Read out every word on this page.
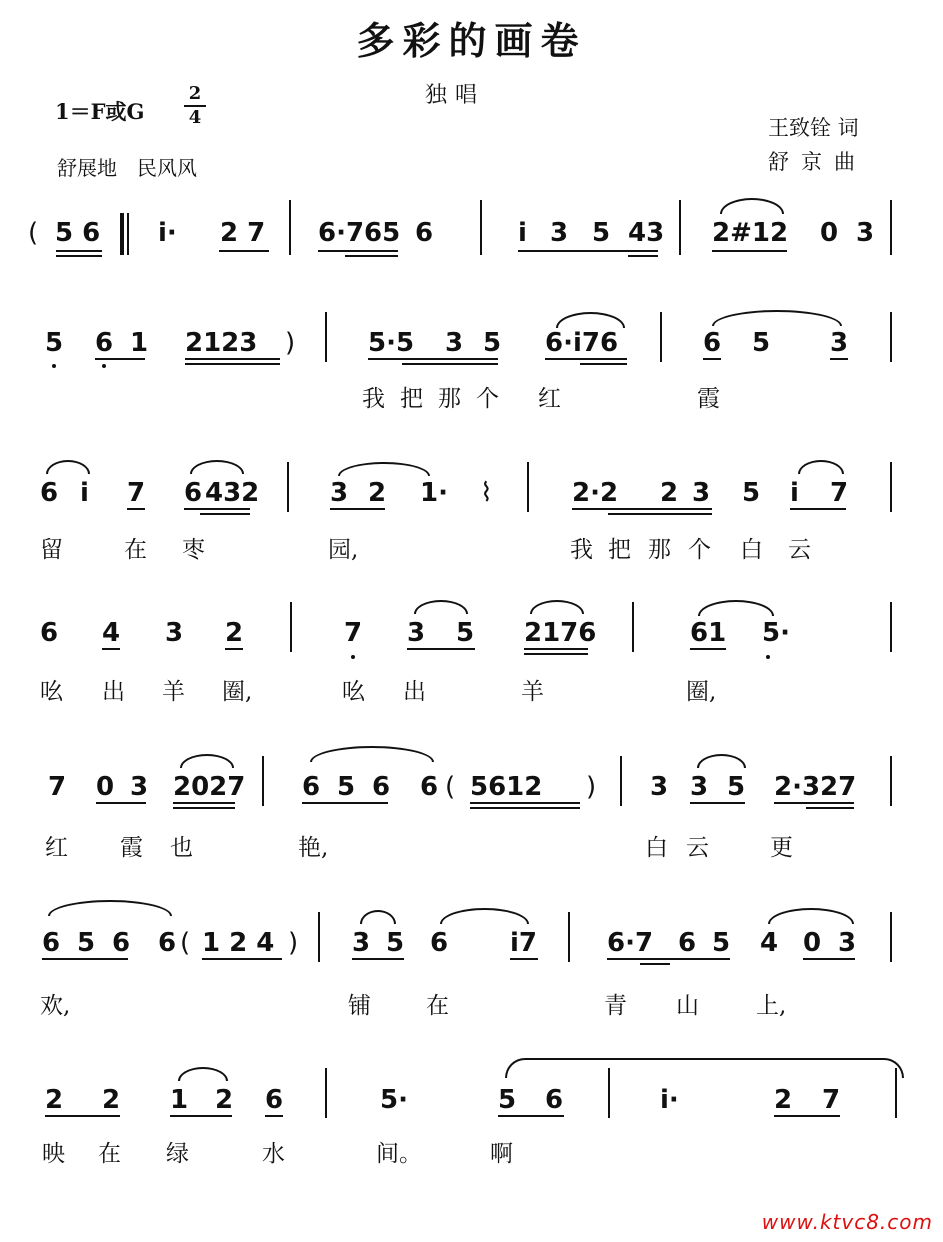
多彩的画卷
独唱
1＝F或G
2
4
舒展地　民风风
王致铨 词
舒京曲
( 5 6 i· 2 7 6·765 6	i 3 5 43 2#1 2 0 3
5 6 1 2123 )	5·5 3 5 6·i76	6 5 3
我 把 那 个 红	霞
6 i 7 6 432	3 2 1· ⌇	2·2 2 3 5 i 7
留	在 枣	园,	我 把 那 个 白 云
6 4 3 2	7 3 5 2176	61 5·
吆 出 羊 圈,	吆 出	羊	圈,
7 0 3 2027 6 5 6 6 ( 5612 ) 3 3 5 2·327
红 霞 也	艳,	白 云	更
6 5 6 6 ( 1 2 4 ) 3 5 6 i7	6·7 6 5 4 0 3
欢,	铺 在	青 山 上,
2 2 1 2 6	5·	5 6	i·	2 7
映 在 绿	水	间。	啊
www.ktvc8.com
